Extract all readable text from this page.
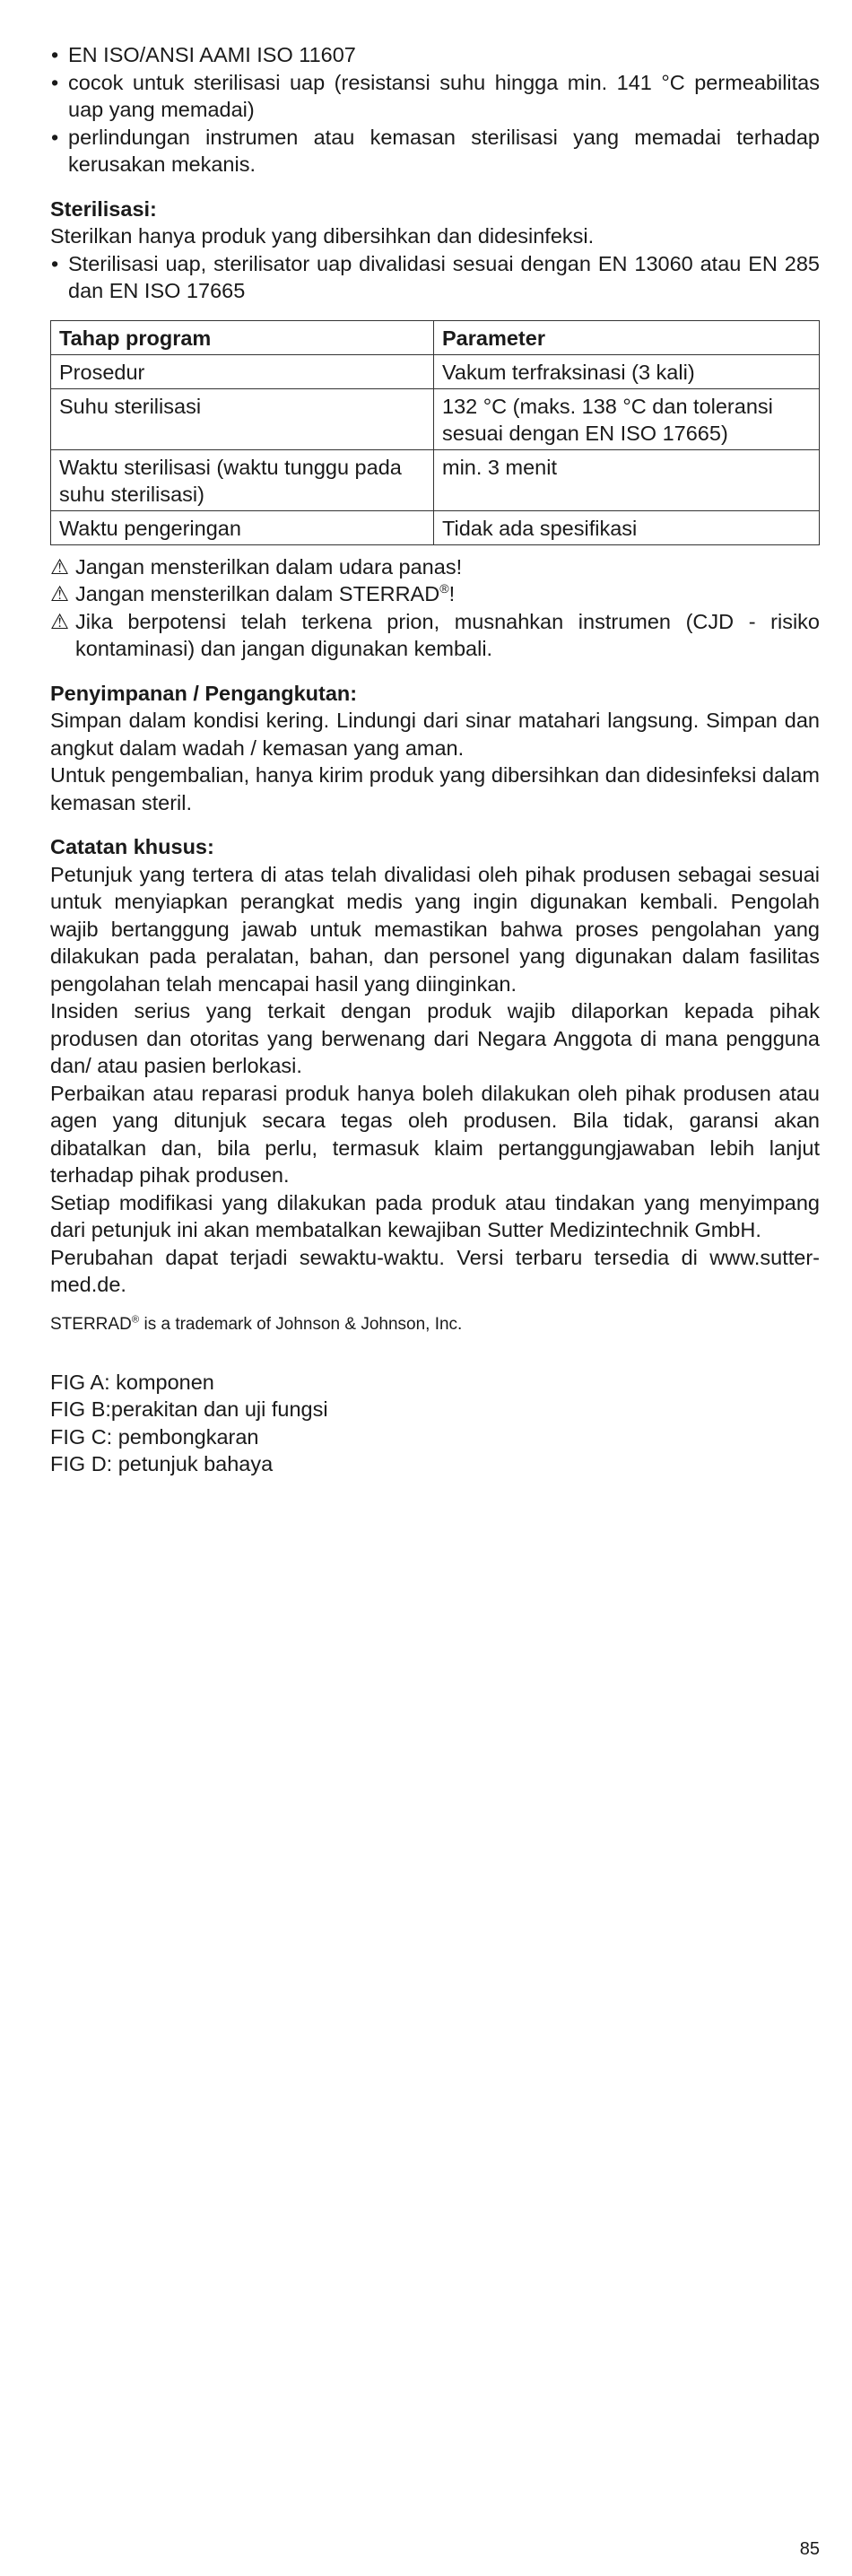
• EN ISO/ANSI AAMI ISO 11607
• cocok untuk sterilisasi uap (resistansi suhu hingga min. 141 °C permeabilitas uap yang memadai)
• perlindungan instrumen atau kemasan sterilisasi yang memadai terhadap kerusakan mekanis.
Sterilisasi:

Sterilkan hanya produk yang dibersihkan dan didesinfeksi.

• Sterilisasi uap, sterilisator uap divalidasi sesuai dengan EN 13060 atau EN 285 dan EN ISO 17665
Tahap program	Parameter
Prosedur	Vakum terfraksinasi (3 kali)
Suhu sterilisasi	132 °C (maks. 138 °C dan toleransi sesuai dengan EN ISO 17665)
Waktu sterilisasi (waktu tunggu pada suhu sterilisasi)	min. 3 menit
Waktu pengeringan	Tidak ada spesifikasi

⚠ Jangan mensterilkan dalam udara panas!

⚠ Jangan mensterilkan dalam STERRAD®!

⚠ Jika berpotensi telah terkena prion, musnahkan instrumen (CJD - risiko kontaminasi) dan jangan digunakan kembali.

Penyimpanan / Pengangkutan:

Simpan dalam kondisi kering. Lindungi dari sinar matahari langsung. Simpan dan angkut dalam wadah / kemasan yang aman.

Untuk pengembalian, hanya kirim produk yang dibersihkan dan didesinfeksi dalam kemasan steril.

Catatan khusus:

Petunjuk yang tertera di atas telah divalidasi oleh pihak produsen sebagai sesuai untuk menyiapkan perangkat medis yang ingin digunakan kembali. Pengolah wajib bertanggung jawab untuk memastikan bahwa proses pengolahan yang dilakukan pada peralatan, bahan, dan personel yang digunakan dalam fasilitas pengolahan telah mencapai hasil yang diinginkan.

Insiden serius yang terkait dengan produk wajib dilaporkan kepada pihak produsen dan otoritas yang berwenang dari Negara Anggota di mana pengguna dan/ atau pasien berlokasi.

Perbaikan atau reparasi produk hanya boleh dilakukan oleh pihak produsen atau agen yang ditunjuk secara tegas oleh produsen. Bila tidak, garansi akan dibatalkan dan, bila perlu, termasuk klaim pertanggungjawaban lebih lanjut terhadap pihak produsen.

Setiap modifikasi yang dilakukan pada produk atau tindakan yang menyimpang dari petunjuk ini akan membatalkan kewajiban Sutter Medizintechnik GmbH.

Perubahan dapat terjadi sewaktu-waktu. Versi terbaru tersedia di www.sutter-med.de.

STERRAD® is a trademark of Johnson & Johnson, Inc.

FIG A: komponen

FIG B:perakitan dan uji fungsi

FIG C: pembongkaran

FIG D: petunjuk bahaya

85
